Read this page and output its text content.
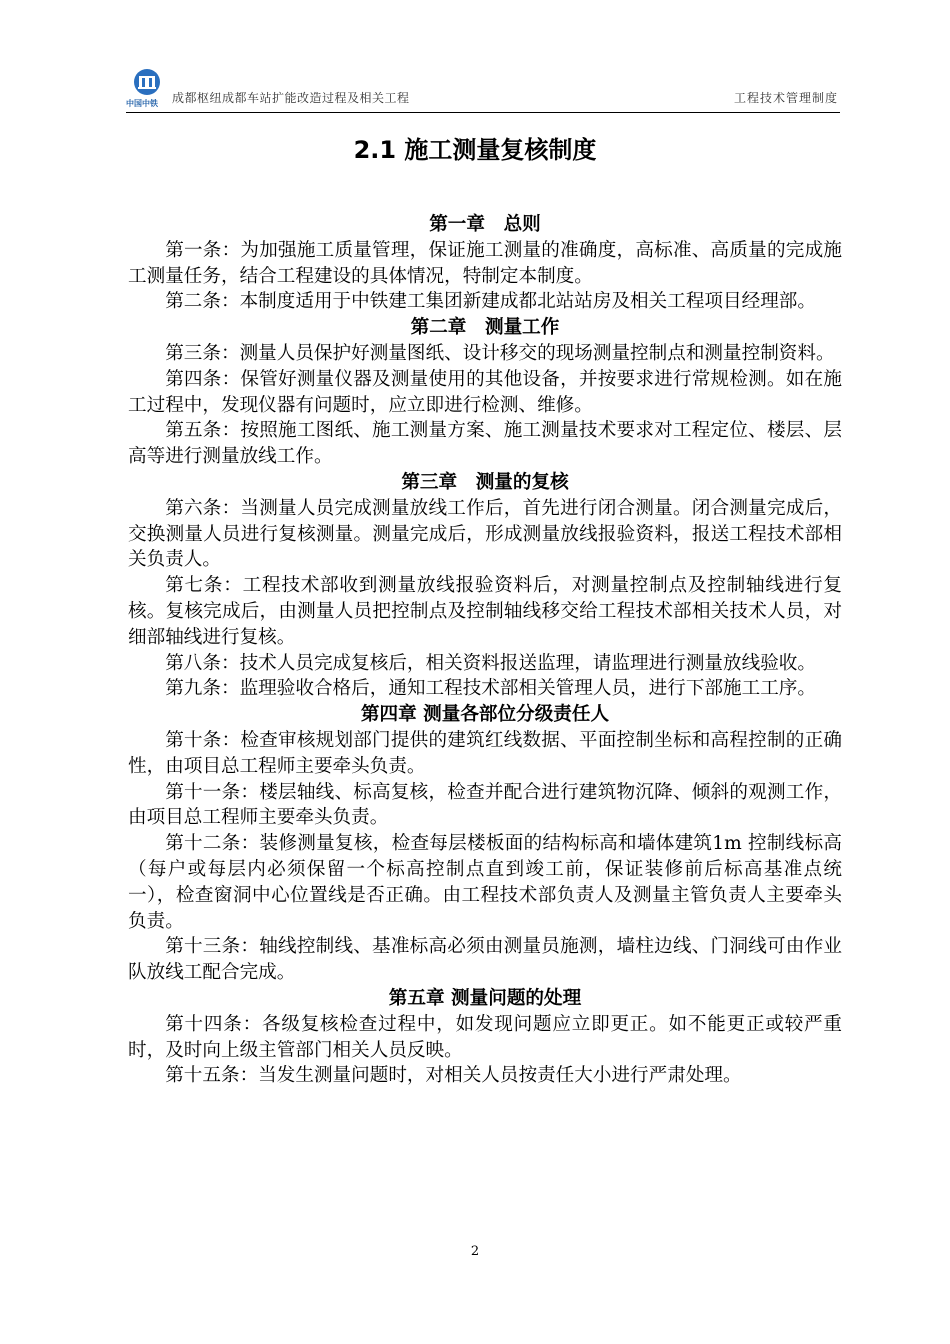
中国中铁 成都枢纽成都车站扩能改造过程及相关工程	工程技术管理制度
2.1 施工测量复核制度
第一章　总则
第一条：为加强施工质量管理，保证施工测量的准确度，高标准、高质量的完成施工测量任务，结合工程建设的具体情况，特制定本制度。
第二条：本制度适用于中铁建工集团新建成都北站站房及相关工程项目经理部。
第二章　测量工作
第三条：测量人员保护好测量图纸、设计移交的现场测量控制点和测量控制资料。
第四条：保管好测量仪器及测量使用的其他设备，并按要求进行常规检测。如在施工过程中，发现仪器有问题时，应立即进行检测、维修。
第五条：按照施工图纸、施工测量方案、施工测量技术要求对工程定位、楼层、层高等进行测量放线工作。
第三章　测量的复核
第六条：当测量人员完成测量放线工作后，首先进行闭合测量。闭合测量完成后，交换测量人员进行复核测量。测量完成后，形成测量放线报验资料，报送工程技术部相关负责人。
第七条：工程技术部收到测量放线报验资料后，对测量控制点及控制轴线进行复核。复核完成后，由测量人员把控制点及控制轴线移交给工程技术部相关技术人员，对细部轴线进行复核。
第八条：技术人员完成复核后，相关资料报送监理，请监理进行测量放线验收。
第九条：监理验收合格后，通知工程技术部相关管理人员，进行下部施工工序。
第四章 测量各部位分级责任人
第十条：检查审核规划部门提供的建筑红线数据、平面控制坐标和高程控制的正确性，由项目总工程师主要牵头负责。
第十一条：楼层轴线、标高复核，检查并配合进行建筑物沉降、倾斜的观测工作，由项目总工程师主要牵头负责。
第十二条：装修测量复核，检查每层楼板面的结构标高和墙体建筑1m 控制线标高（每户或每层内必须保留一个标高控制点直到竣工前，保证装修前后标高基准点统一），检查窗洞中心位置线是否正确。由工程技术部负责人及测量主管负责人主要牵头负责。
第十三条：轴线控制线、基准标高必须由测量员施测，墙柱边线、门洞线可由作业队放线工配合完成。
第五章 测量问题的处理
第十四条：各级复核检查过程中，如发现问题应立即更正。如不能更正或较严重时，及时向上级主管部门相关人员反映。
第十五条：当发生测量问题时，对相关人员按责任大小进行严肃处理。
2
